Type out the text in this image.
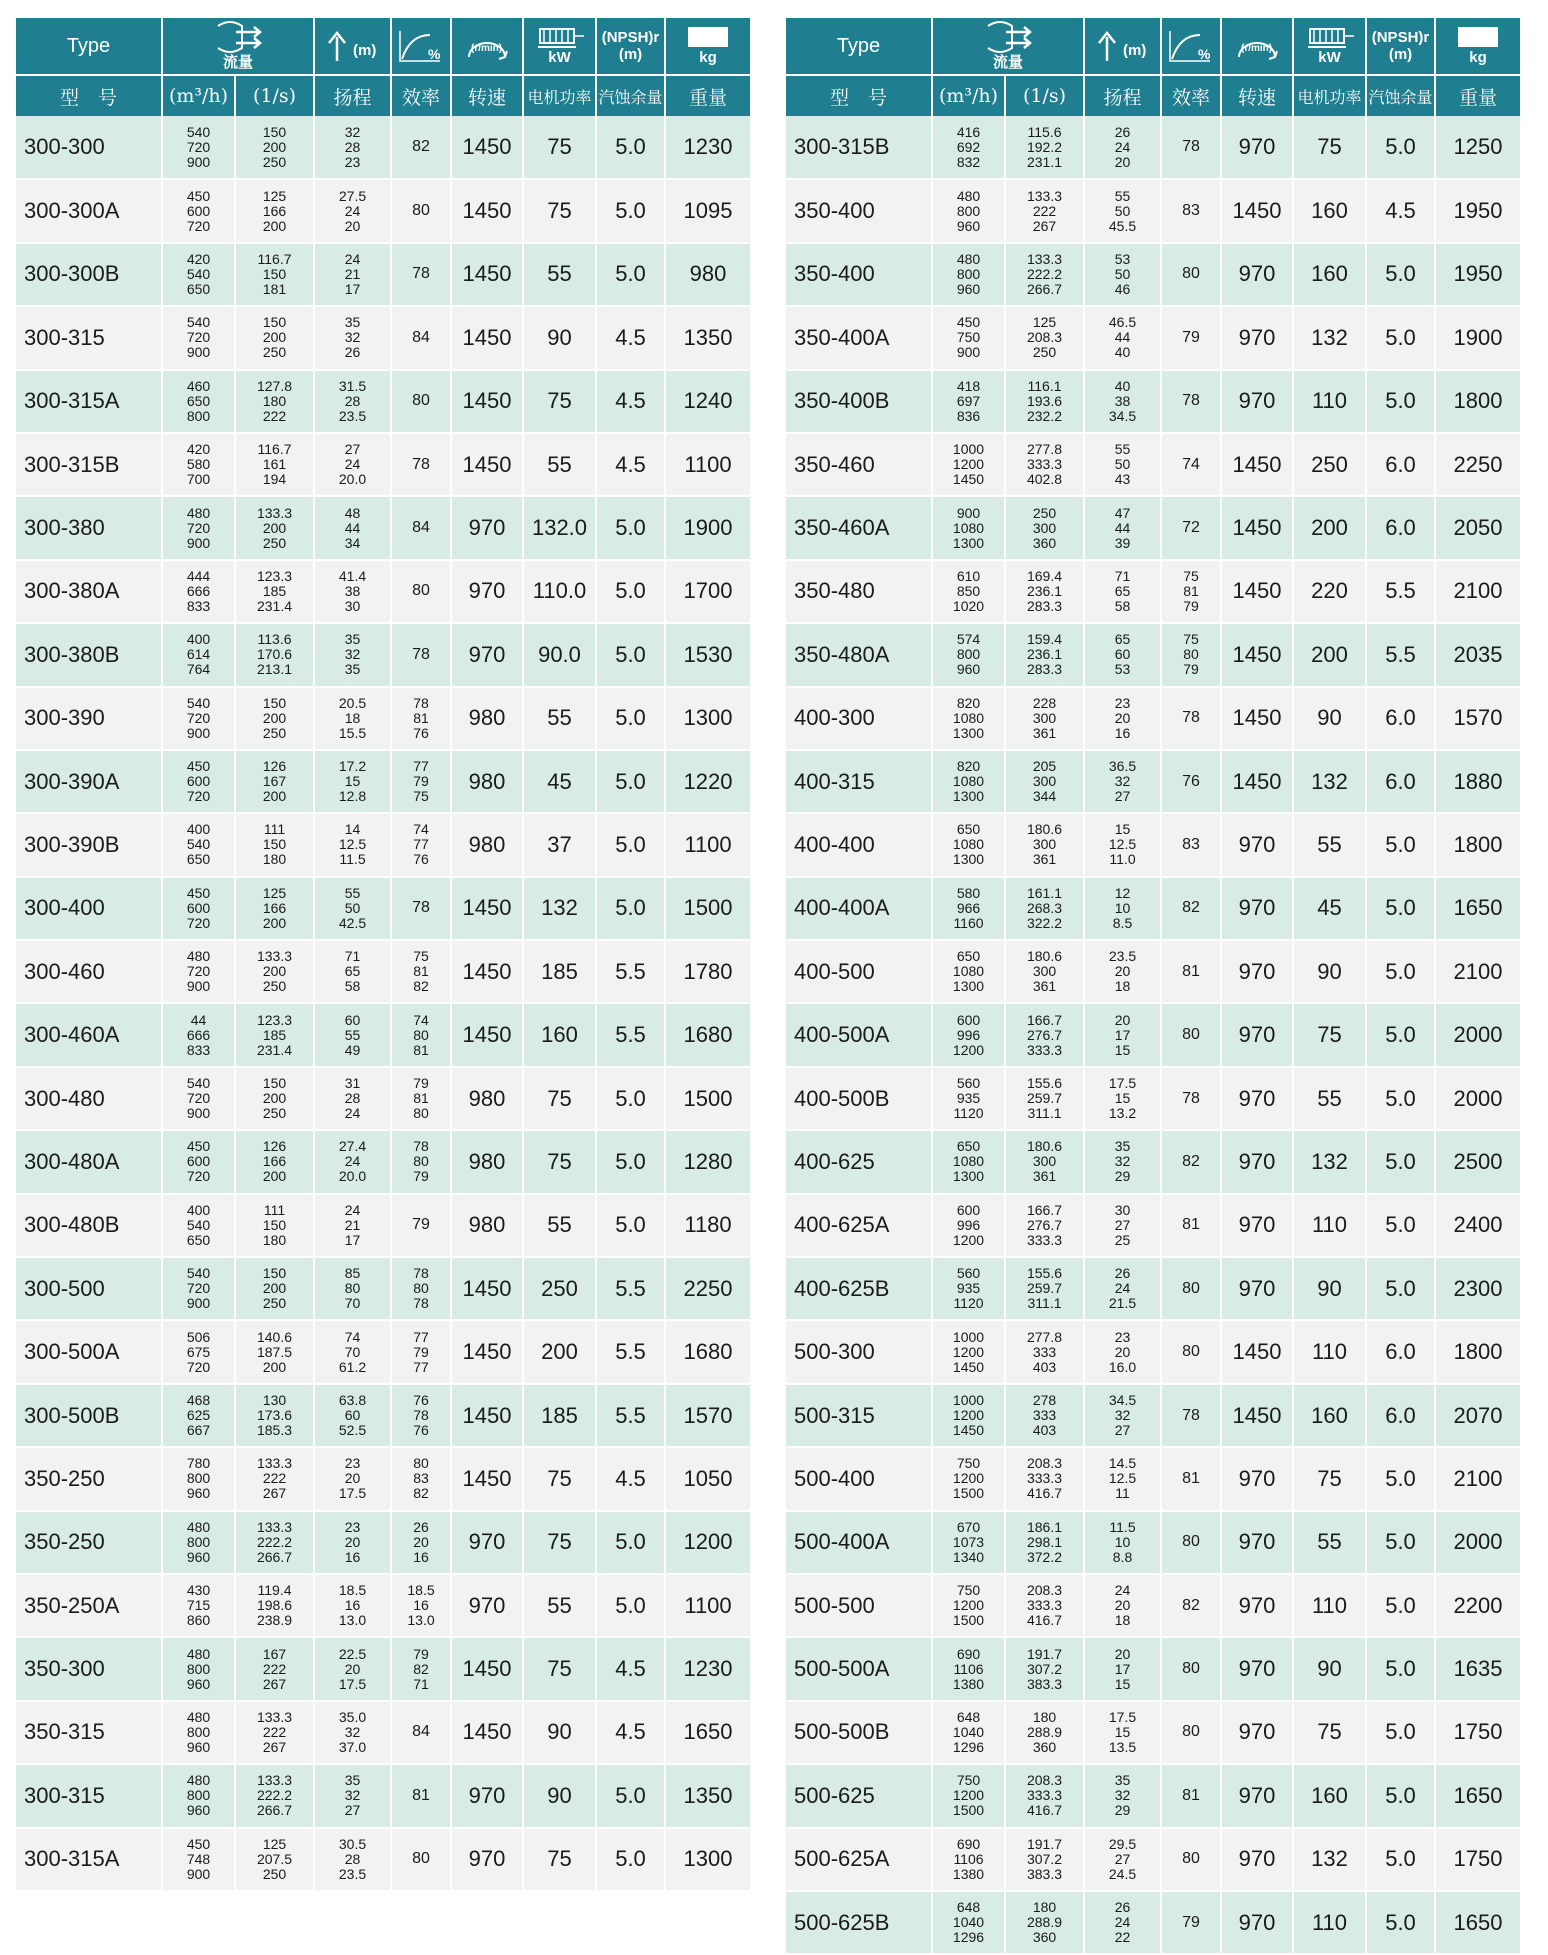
Type	流量		(m)	%	(r/min)	kW	(NPSH)r
(m)	kg
型　号	(m³/h)	(1/s)	扬程	效率	转速	电机功率	汽蚀余量	重量
300-300	540
720
900	150
200
250	32
28
23	82	1450	75	5.0	1230
300-300A	450
600
720	125
166
200	27.5
24
20	80	1450	75	5.0	1095
300-300B	420
540
650	116.7
150
181	24
21
17	78	1450	55	5.0	980
300-315	540
720
900	150
200
250	35
32
26	84	1450	90	4.5	1350
300-315A	460
650
800	127.8
180
222	31.5
28
23.5	80	1450	75	4.5	1240
300-315B	420
580
700	116.7
161
194	27
24
20.0	78	1450	55	4.5	1100
300-380	480
720
900	133.3
200
250	48
44
34	84	970	132.0	5.0	1900
300-380A	444
666
833	123.3
185
231.4	41.4
38
30	80	970	110.0	5.0	1700
300-380B	400
614
764	113.6
170.6
213.1	35
32
35	78	970	90.0	5.0	1530
300-390	540
720
900	150
200
250	20.5
18
15.5	78
81
76	980	55	5.0	1300
300-390A	450
600
720	126
167
200	17.2
15
12.8	77
79
75	980	45	5.0	1220
300-390B	400
540
650	111
150
180	14
12.5
11.5	74
77
76	980	37	5.0	1100
300-400	450
600
720	125
166
200	55
50
42.5	78	1450	132	5.0	1500
300-460	480
720
900	133.3
200
250	71
65
58	75
81
82	1450	185	5.5	1780
300-460A	44
666
833	123.3
185
231.4	60
55
49	74
80
81	1450	160	5.5	1680
300-480	540
720
900	150
200
250	31
28
24	79
81
80	980	75	5.0	1500
300-480A	450
600
720	126
166
200	27.4
24
20.0	78
80
79	980	75	5.0	1280
300-480B	400
540
650	111
150
180	24
21
17	79	980	55	5.0	1180
300-500	540
720
900	150
200
250	85
80
70	78
80
78	1450	250	5.5	2250
300-500A	506
675
720	140.6
187.5
200	74
70
61.2	77
79
77	1450	200	5.5	1680
300-500B	468
625
667	130
173.6
185.3	63.8
60
52.5	76
78
76	1450	185	5.5	1570
350-250	780
800
960	133.3
222
267	23
20
17.5	80
83
82	1450	75	4.5	1050
350-250	480
800
960	133.3
222.2
266.7	23
20
16	26
20
16	970	75	5.0	1200
350-250A	430
715
860	119.4
198.6
238.9	18.5
16
13.0	18.5
16
13.0	970	55	5.0	1100
350-300	480
800
960	167
222
267	22.5
20
17.5	79
82
71	1450	75	4.5	1230
350-315	480
800
960	133.3
222
267	35.0
32
37.0	84	1450	90	4.5	1650
300-315	480
800
960	133.3
222.2
266.7	35
32
27	81	970	90	5.0	1350
300-315A	450
748
900	125
207.5
250	30.5
28
23.5	80	970	75	5.0	1300
Type	流量		(m)	%	(r/min)	kW	(NPSH)r
(m)	kg
型　号	(m³/h)	(1/s)	扬程	效率	转速	电机功率	汽蚀余量	重量
300-315B	416
692
832	115.6
192.2
231.1	26
24
20	78	970	75	5.0	1250
350-400	480
800
960	133.3
222
267	55
50
45.5	83	1450	160	4.5	1950
350-400	480
800
960	133.3
222.2
266.7	53
50
46	80	970	160	5.0	1950
350-400A	450
750
900	125
208.3
250	46.5
44
40	79	970	132	5.0	1900
350-400B	418
697
836	116.1
193.6
232.2	40
38
34.5	78	970	110	5.0	1800
350-460	1000
1200
1450	277.8
333.3
402.8	55
50
43	74	1450	250	6.0	2250
350-460A	900
1080
1300	250
300
360	47
44
39	72	1450	200	6.0	2050
350-480	610
850
1020	169.4
236.1
283.3	71
65
58	75
81
79	1450	220	5.5	2100
350-480A	574
800
960	159.4
236.1
283.3	65
60
53	75
80
79	1450	200	5.5	2035
400-300	820
1080
1300	228
300
361	23
20
16	78	1450	90	6.0	1570
400-315	820
1080
1300	205
300
344	36.5
32
27	76	1450	132	6.0	1880
400-400	650
1080
1300	180.6
300
361	15
12.5
11.0	83	970	55	5.0	1800
400-400A	580
966
1160	161.1
268.3
322.2	12
10
8.5	82	970	45	5.0	1650
400-500	650
1080
1300	180.6
300
361	23.5
20
18	81	970	90	5.0	2100
400-500A	600
996
1200	166.7
276.7
333.3	20
17
15	80	970	75	5.0	2000
400-500B	560
935
1120	155.6
259.7
311.1	17.5
15
13.2	78	970	55	5.0	2000
400-625	650
1080
1300	180.6
300
361	35
32
29	82	970	132	5.0	2500
400-625A	600
996
1200	166.7
276.7
333.3	30
27
25	81	970	110	5.0	2400
400-625B	560
935
1120	155.6
259.7
311.1	26
24
21.5	80	970	90	5.0	2300
500-300	1000
1200
1450	277.8
333
403	23
20
16.0	80	1450	110	6.0	1800
500-315	1000
1200
1450	278
333
403	34.5
32
27	78	1450	160	6.0	2070
500-400	750
1200
1500	208.3
333.3
416.7	14.5
12.5
11	81	970	75	5.0	2100
500-400A	670
1073
1340	186.1
298.1
372.2	11.5
10
8.8	80	970	55	5.0	2000
500-500	750
1200
1500	208.3
333.3
416.7	24
20
18	82	970	110	5.0	2200
500-500A	690
1106
1380	191.7
307.2
383.3	20
17
15	80	970	90	5.0	1635
500-500B	648
1040
1296	180
288.9
360	17.5
15
13.5	80	970	75	5.0	1750
500-625	750
1200
1500	208.3
333.3
416.7	35
32
29	81	970	160	5.0	1650
500-625A	690
1106
1380	191.7
307.2
383.3	29.5
27
24.5	80	970	132	5.0	1750
500-625B	648
1040
1296	180
288.9
360	26
24
22	79	970	110	5.0	1650
